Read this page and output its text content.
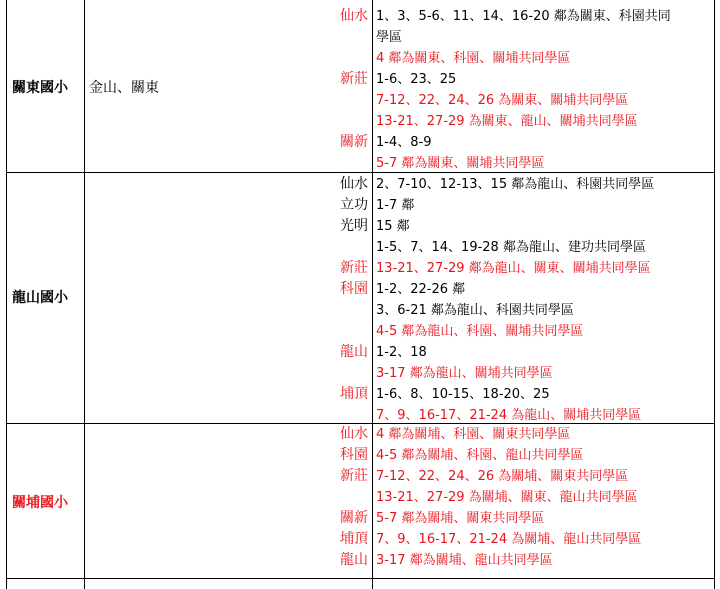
關東國小 金山、關東
仙水 1、3、5-6、11、14、16-20 鄰為關東、科園共同
學區
4 鄰為關東、科園、關埔共同學區
新莊 1-6、23、25
7-12、22、24、26 為關東、關埔共同學區
13-21、27-29 為關東、龍山、關埔共同學區
關新 1-4、8-9
5-7 鄰為關東、關埔共同學區
龍山國小
仙水 2、7-10、12-13、15 鄰為龍山、科園共同學區
立功 1-7 鄰
光明 15 鄰
1-5、7、14、19-28 鄰為龍山、建功共同學區
新莊 13-21、27-29 鄰為龍山、關東、關埔共同學區
科園 1-2、22-26 鄰
3、6-21 鄰為龍山、科園共同學區
4-5 鄰為龍山、科園、關埔共同學區
龍山 1-2、18
3-17 鄰為龍山、關埔共同學區
埔頂 1-6、8、10-15、18-20、25
7、9、16-17、21-24 為龍山、關埔共同學區
關埔國小
仙水 4 鄰為關埔、科園、關東共同學區
科園 4-5 鄰為關埔、科園、龍山共同學區
新莊 7-12、22、24、26 為關埔、關東共同學區
13-21、27-29 為關埔、關東、龍山共同學區
關新 5-7 鄰為關埔、關東共同學區
埔頂 7、9、16-17、21-24 為關埔、龍山共同學區
龍山 3-17 鄰為關埔、龍山共同學區
